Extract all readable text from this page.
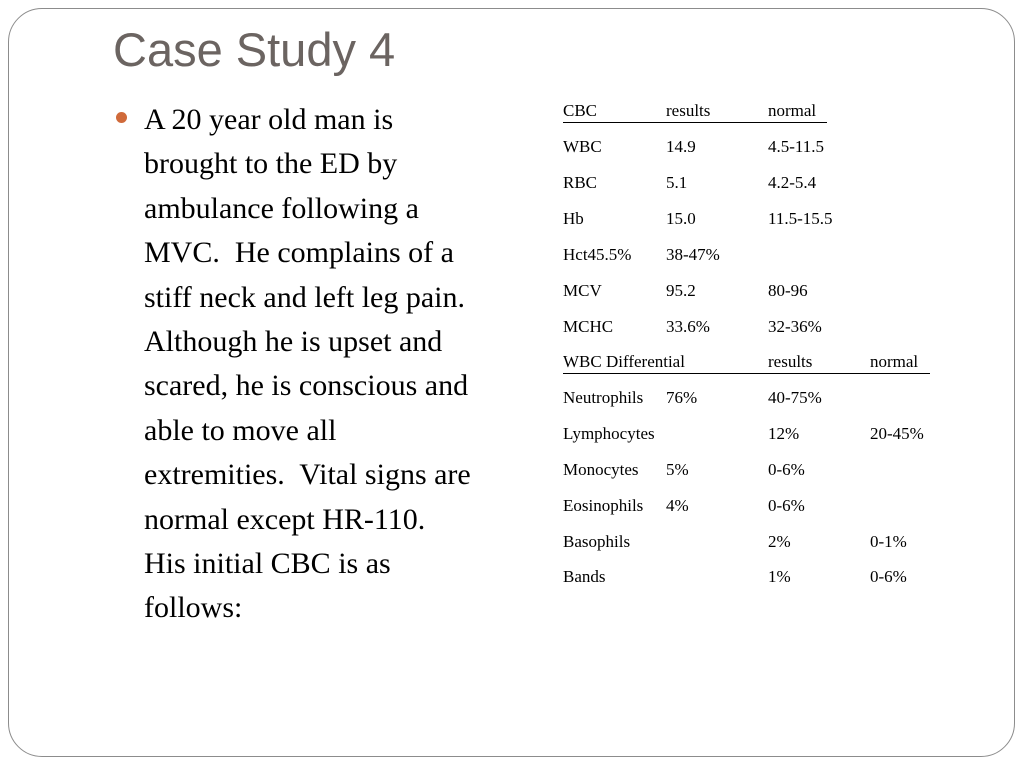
Case Study 4
A 20 year old man is
brought to the ED by
ambulance following a
MVC.  He complains of a
stiff neck and left leg pain.
Although he is upset and
scared, he is conscious and
able to move all
extremities.  Vital signs are
normal except HR-110.
His initial CBC is as
follows:
CBC	results	normal
WBC	14.9	4.5-11.5
RBC	5.1	4.2-5.4
Hb	15.0	11.5-15.5
Hct45.5% 38-47%
MCV	95.2	80-96
MCHC	33.6%	32-36%
WBC Differential	results	normal
Neutrophils 76%	40-75%
Lymphocytes	12%	20-45%
Monocytes 5%	0-6%
Eosinophils 4%	0-6%
Basophils	2%	0-1%
Bands	1%	0-6%
